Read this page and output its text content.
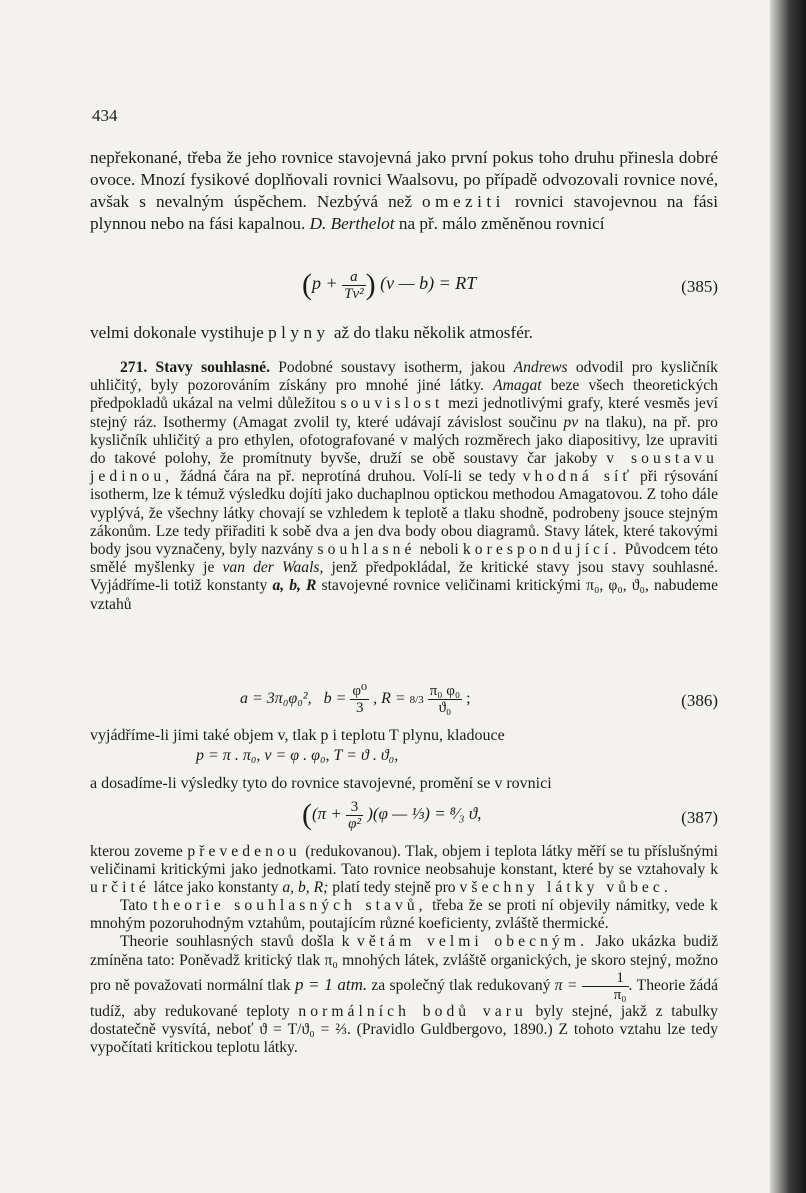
434
nepřekonané, třeba že jeho rovnice stavojevná jako první pokus toho druhu přinesla dobré ovoce. Mnozí fysikové doplňovali rovnici Waalsovu, po případě odvozovali rovnice nové, avšak s nevalným úspěchem. Nezbývá než omeziti rovnici stavojevnou na fási plynnou nebo na fási kapalnou. D. Berthelot na př. málo změněnou rovnicí
($p + \frac{a}{\text{Tv²}}$ ) (v — b) = RT	(385)
velmi dokonale vystihuje plyny až do tlaku několik atmosfér.
271. Stavy souhlasné. Podobné soustavy isotherm, jakou Andrews odvodil pro kysličník uhličitý, byly pozorováním získány pro mnohé jiné látky. Amagat beze všech theoretických předpokladů ukázal na velmi důležitou souvislost mezi jednotlivými grafy, které vesměs jeví stejný ráz. Isothermy (Amagat zvolil ty, které udávají závislost součinu pv na tlaku), na př. pro kysličník uhličitý a pro ethylen, ofotografované v malých rozměrech jako diapositivy, lze upraviti do takové polohy, že promítnuty byvše, druží se obě soustavy čar jakoby v soustavu jedinou, žádná čára na př. neprotíná druhou. Volí-li se tedy vhodná síť při rýsování isotherm, lze k témuž výsledku dojíti jako duchaplnou optickou methodou Amagatovou. Z toho dále vyplývá, že všechny látky chovají se vzhledem k teplotě a tlaku shodně, podrobeny jsouce stejným zákonům. Lze tedy přiřaditi k sobě dva a jen dva body obou diagramů. Stavy látek, které takovými body jsou vyznačeny, byly nazvány souhlasné neboli korespondující. Původcem této smělé myšlenky je van der Waals, jenž předpokládal, že kritické stavy jsou stavy souhlasné. Vyjádříme-li totiž konstanty a, b, R stavojevné rovnice veličinami kritickými π₀, φ₀, ϑ₀, nabudeme vztahů
a = 3π₀φ₀², $b = \frac{\text{φ⁰}}{3}$ , $R = 8/3 \frac{\text{π₀ φ₀}}{\text{ϑ₀}}$ ;	(386)
vyjádříme-li jimi také objem v, tlak p i teplotu T plynu, kladouce
p = π . π₀, v = φ . φ₀, T = ϑ . ϑ₀,
a dosadíme-li výsledky tyto do rovnice stavojevné, promění se v rovnici
($(\pi + \frac{3}{\text{φ²}} )(\varphi$ — ⅓) = ⁸⁄₃ ϑ,	(387)
kterou zoveme převedenou (redukovanou). Tlak, objem i teplota látky měří se tu příslušnými veličinami kritickými jako jednotkami. Tato rovnice neobsahuje konstant, které by se vztahovaly k určité látce jako konstanty a, b, R; platí tedy stejně pro všechny látky vůbec.
Tato theorie souhlasných stavů, třeba že se proti ní objevily námitky, vede k mnohým pozoruhodným vztahům, poutajícím různé koeficienty, zvláště thermické.
Theorie souhlasných stavů došla k větám velmi obecným. Jako ukázka budiž zmíněna tato: Poněvadž kritický tlak π₀ mnohých látek, zvláště organických, je skoro stejný, možno pro ně považovati normální tlak p = 1 atm. za společný tlak redukovaný $\pi = \frac{1}{\text{π₀}}$ . Theorie žádá tudíž, aby redukované teploty normálních bodů varu byly stejné, jakž z tabulky dostatečně vysvítá, neboť ϑ = T/ϑ₀ = ⅔. (Pravidlo Guldbergovo, 1890.) Z tohoto vztahu lze tedy vypočítati kritickou teplotu látky.
